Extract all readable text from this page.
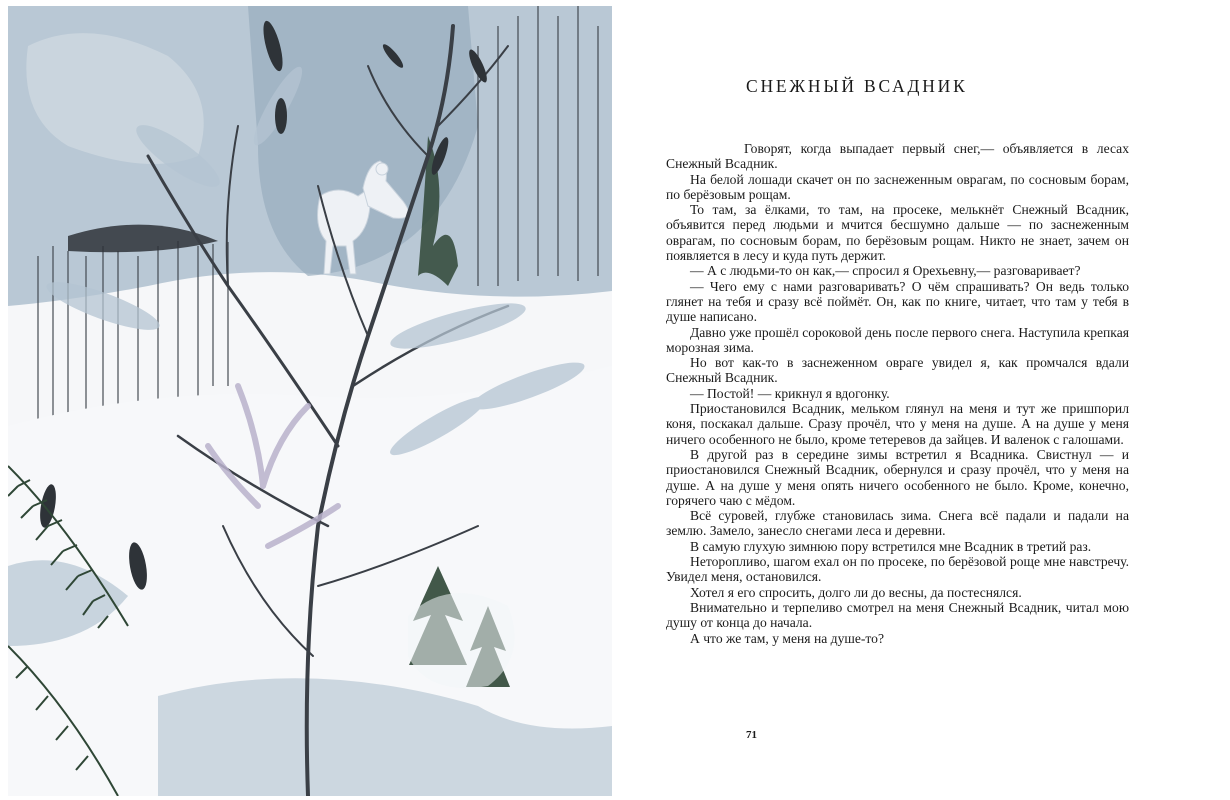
СНЕЖНЫЙ ВСАДНИК

Говорят, когда выпадает первый снег,— объявляется в лесах Снежный Всадник.

На белой лошади скачет он по заснеженным оврагам, по сосновым борам, по берёзовым рощам.

То там, за ёлками, то там, на просеке, мелькнёт Снежный Всадник, объявится перед людьми и мчится бесшумно дальше — по заснеженным оврагам, по сосновым борам, по берёзовым рощам. Никто не знает, зачем он появляется в лесу и куда путь держит.

— А с людьми-то он как,— спросил я Орехьевну,— разговаривает?

— Чего ему с нами разговаривать? О чём спрашивать? Он ведь только глянет на тебя и сразу всё поймёт. Он, как по книге, читает, что там у тебя в душе написано.

Давно уже прошёл сороковой день после первого снега. Наступила крепкая морозная зима.

Но вот как-то в заснеженном овраге увидел я, как промчался вдали Снежный Всадник.

— Постой! — крикнул я вдогонку.

Приостановился Всадник, мельком глянул на меня и тут же пришпорил коня, поскакал дальше. Сразу прочёл, что у меня на душе. А на душе у меня ничего особенного не было, кроме тетеревов да зайцев. И валенок с галошами.

В другой раз в середине зимы встретил я Всадника. Свистнул — и приостановился Снежный Всадник, обернулся и сразу прочёл, что у меня на душе. А на душе у меня опять ничего особенного не было. Кроме, конечно, горячего чаю с мёдом.

Всё суровей, глубже становилась зима. Снега всё падали и падали на землю. Замело, занесло снегами леса и деревни.

В самую глухую зимнюю пору встретился мне Всадник в третий раз.

Неторопливо, шагом ехал он по просеке, по берёзовой роще мне навстречу. Увидел меня, остановился.

Хотел я его спросить, долго ли до весны, да постеснялся.

Внимательно и терпеливо смотрел на меня Снежный Всадник, читал мою душу от конца до начала.

А что же там, у меня на душе-то?

71
